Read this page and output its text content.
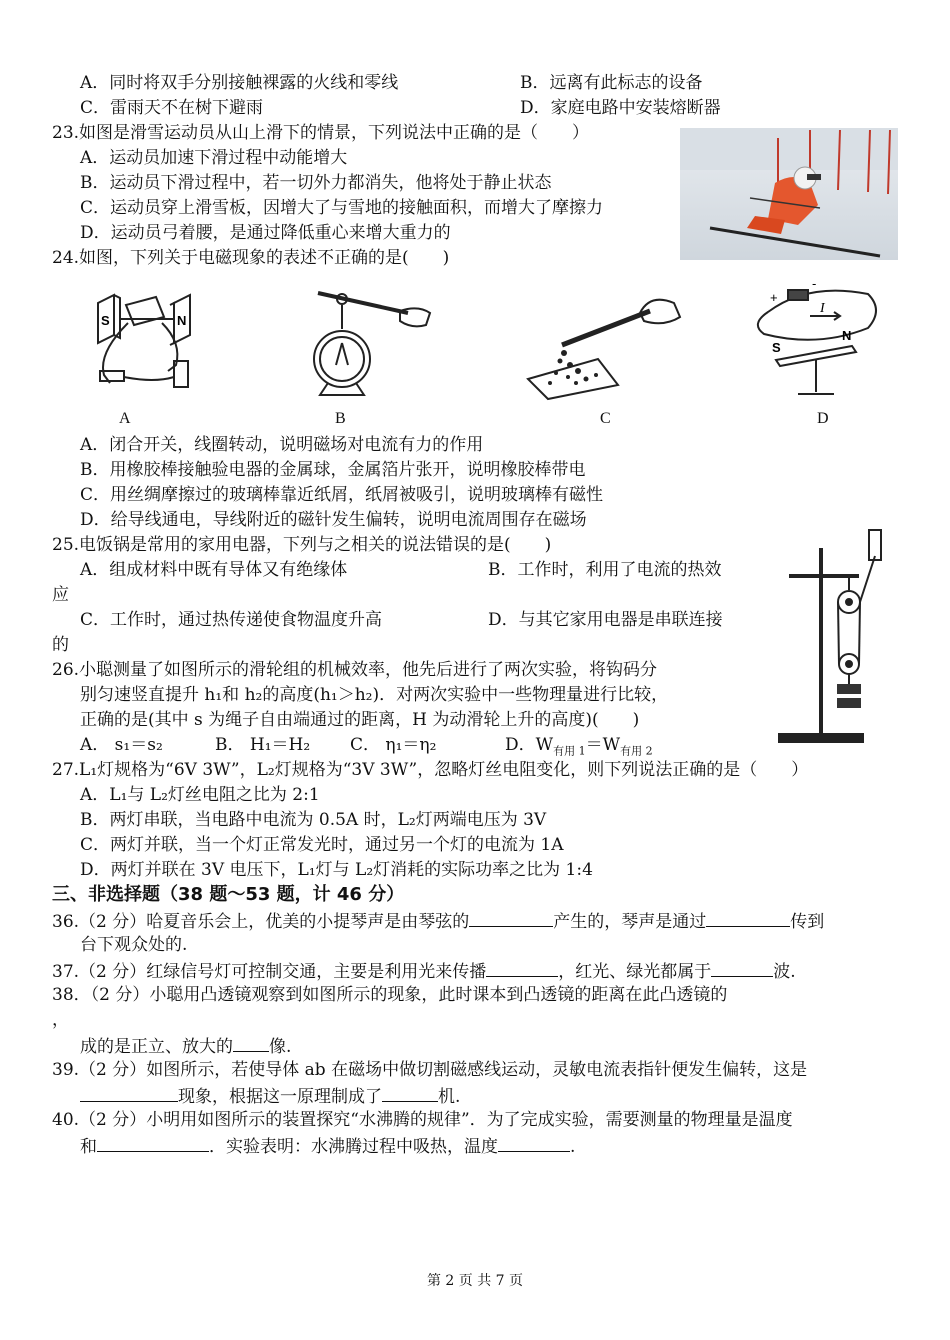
A．同时将双手分别接触裸露的火线和零线	B．远离有此标志的设备
C．雷雨天不在树下避雨	D．家庭电路中安装熔断器
23.如图是滑雪运动员从山上滑下的情景，下列说法中正确的是（　　）
A．运动员加速下滑过程中动能增大
B．运动员下滑过程中，若一切外力都消失，他将处于静止状态
C．运动员穿上滑雪板，因增大了与雪地的接触面积，而增大了摩擦力
D．运动员弓着腰，是通过降低重心来增大重力的
24.如图，下列关于电磁现象的表述不正确的是(　　)
S	N
A	B	C
+
-
I
S
N
D
A．闭合开关，线圈转动，说明磁场对电流有力的作用
B．用橡胶棒接触验电器的金属球，金属箔片张开，说明橡胶棒带电
C．用丝绸摩擦过的玻璃棒靠近纸屑，纸屑被吸引，说明玻璃棒有磁性
D．给导线通电，导线附近的磁针发生偏转，说明电流周围存在磁场
25.电饭锅是常用的家用电器，下列与之相关的说法错误的是(　　)
A．组成材料中既有导体又有绝缘体	B．工作时，利用了电流的热效
应
C．工作时，通过热传递使食物温度升高	D．与其它家用电器是串联连接
的
26.小聪测量了如图所示的滑轮组的机械效率，他先后进行了两次实验，将钩码分
别匀速竖直提升 h₁和 h₂的高度(h₁＞h₂)．对两次实验中一些物理量进行比较，
正确的是(其中 s 为绳子自由端通过的距离，H 为动滑轮上升的高度)(　　)
A． s₁＝s₂	B． H₁＝H₂ C． η₁＝η₂	D．$W_{有用 1}=W_{有用 2}$
27.L₁灯规格为“6V 3W”，L₂灯规格为“3V 3W”，忽略灯丝电阻变化，则下列说法正确的是（　　）
A．L₁与 L₂灯丝电阻之比为 2:1
B．两灯串联，当电路中电流为 0.5A 时，L₂灯两端电压为 3V
C．两灯并联，当一个灯正常发光时，通过另一个灯的电流为 1A
D．两灯并联在 3V 电压下，L₁灯与 L₂灯消耗的实际功率之比为 1:4
三、非选择题（38 题～53 题，计 46 分）
36.（2 分）哈夏音乐会上，优美的小提琴声是由琴弦的	产生的，琴声是通过	传到
台下观众处的.
37.（2 分）红绿信号灯可控制交通，主要是利用光来传播	，红光、绿光都属于	波.
38．（2 分）小聪用凸透镜观察到如图所示的现象，此时课本到凸透镜的距离在此凸透镜的
，
成的是正立、放大的 像.
39.（2 分）如图所示，若使导体 ab 在磁场中做切割磁感线运动，灵敏电流表指针便发生偏转，这是
现象，根据这一原理制成了	机.
40.（2 分）小明用如图所示的装置探究“水沸腾的规律”．为了完成实验，需要测量的物理量是温度
和	．实验表明：水沸腾过程中吸热，温度	.
第 2 页 共 7 页
